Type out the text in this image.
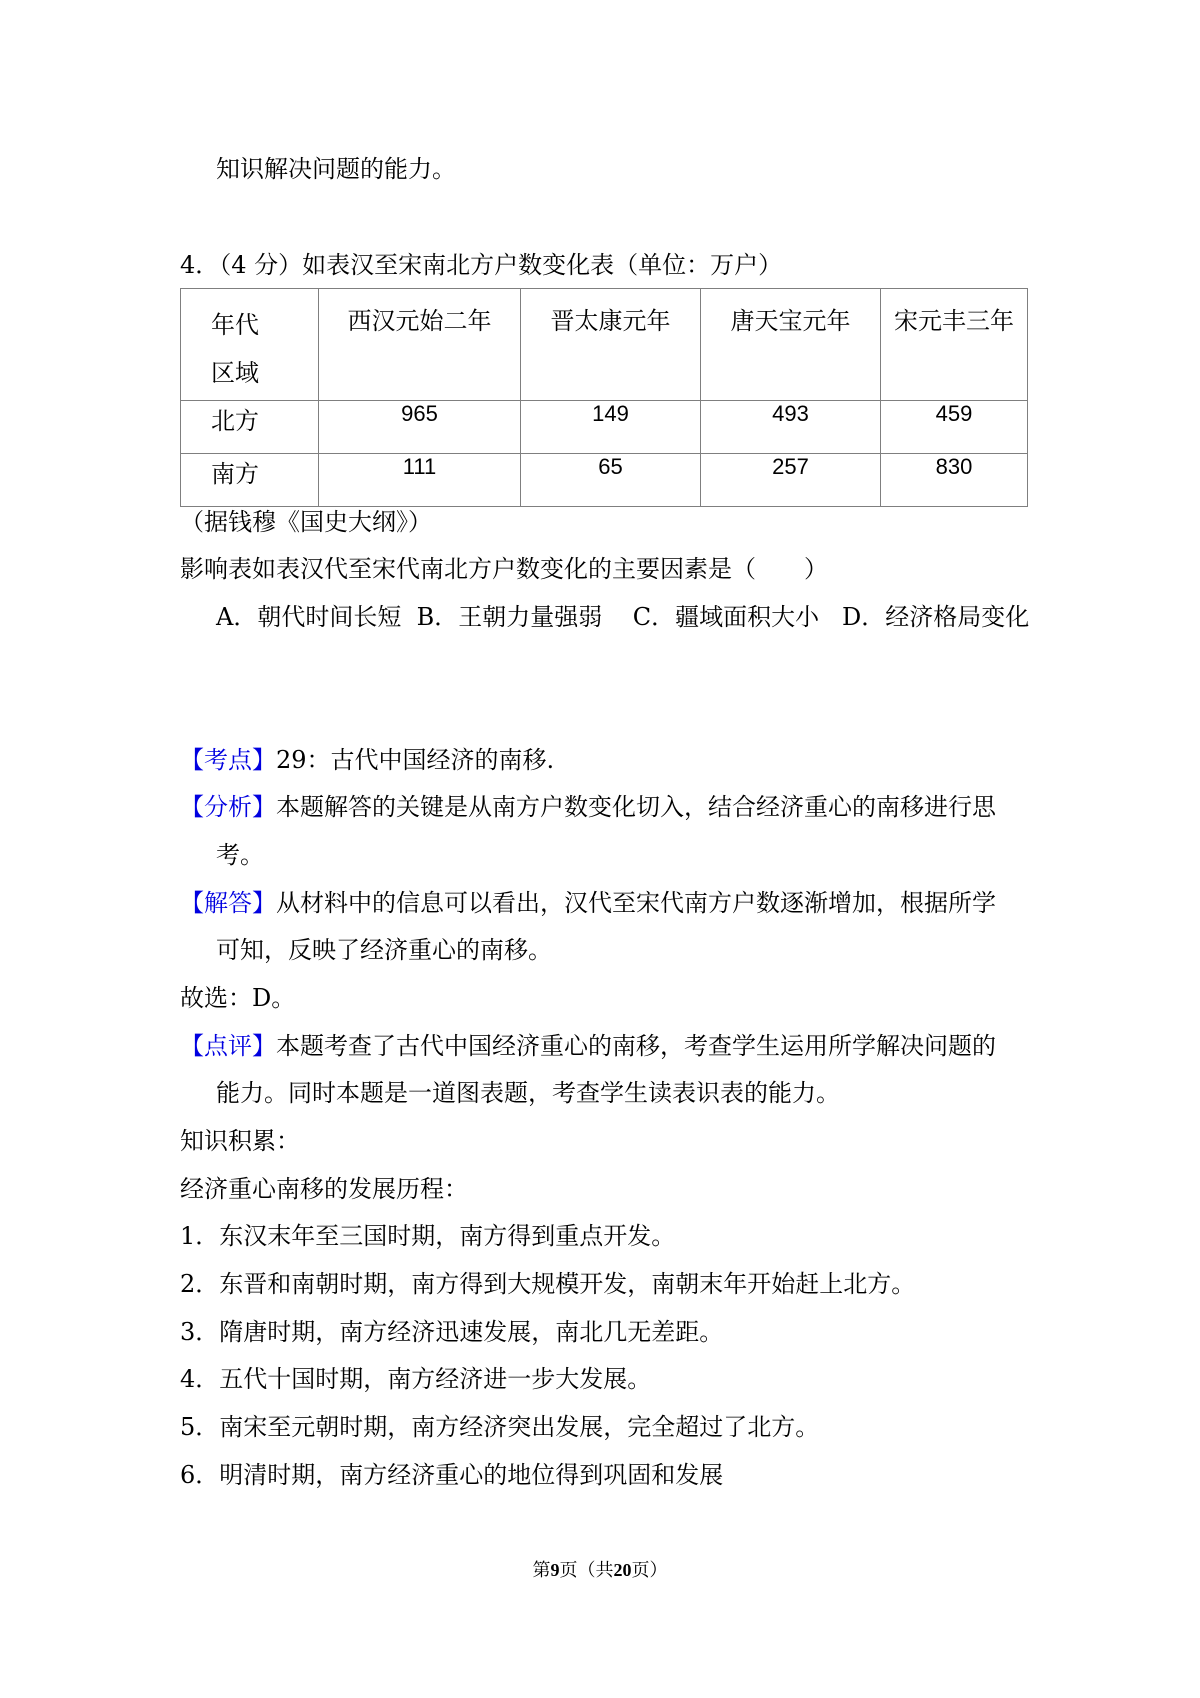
知识解决问题的能力。
4．（4 分）如表汉至宋南北方户数变化表（单位：万户）
年代
区域	西汉元始二年	晋太康元年	唐天宝元年	宋元丰三年
北方	965	149	493	459
南方	111	65	257	830
（据钱穆《国史大纲》）
影响表如表汉代至宋代南北方户数变化的主要因素是（　　）
A．朝代时间长短  B．王朝力量强弱    C．疆域面积大小   D．经济格局变化
【考点】29：古代中国经济的南移.
【分析】本题解答的关键是从南方户数变化切入，结合经济重心的南移进行思
考。
【解答】从材料中的信息可以看出，汉代至宋代南方户数逐渐增加，根据所学
可知，反映了经济重心的南移。
故选：D。
【点评】本题考查了古代中国经济重心的南移，考查学生运用所学解决问题的
能力。同时本题是一道图表题，考查学生读表识表的能力。
知识积累：
经济重心南移的发展历程：
1．东汉末年至三国时期，南方得到重点开发。
2．东晋和南朝时期，南方得到大规模开发，南朝末年开始赶上北方。
3．隋唐时期，南方经济迅速发展，南北几无差距。
4．五代十国时期，南方经济进一步大发展。
5．南宋至元朝时期，南方经济突出发展，完全超过了北方。
6．明清时期，南方经济重心的地位得到巩固和发展
第9页（共20页）
